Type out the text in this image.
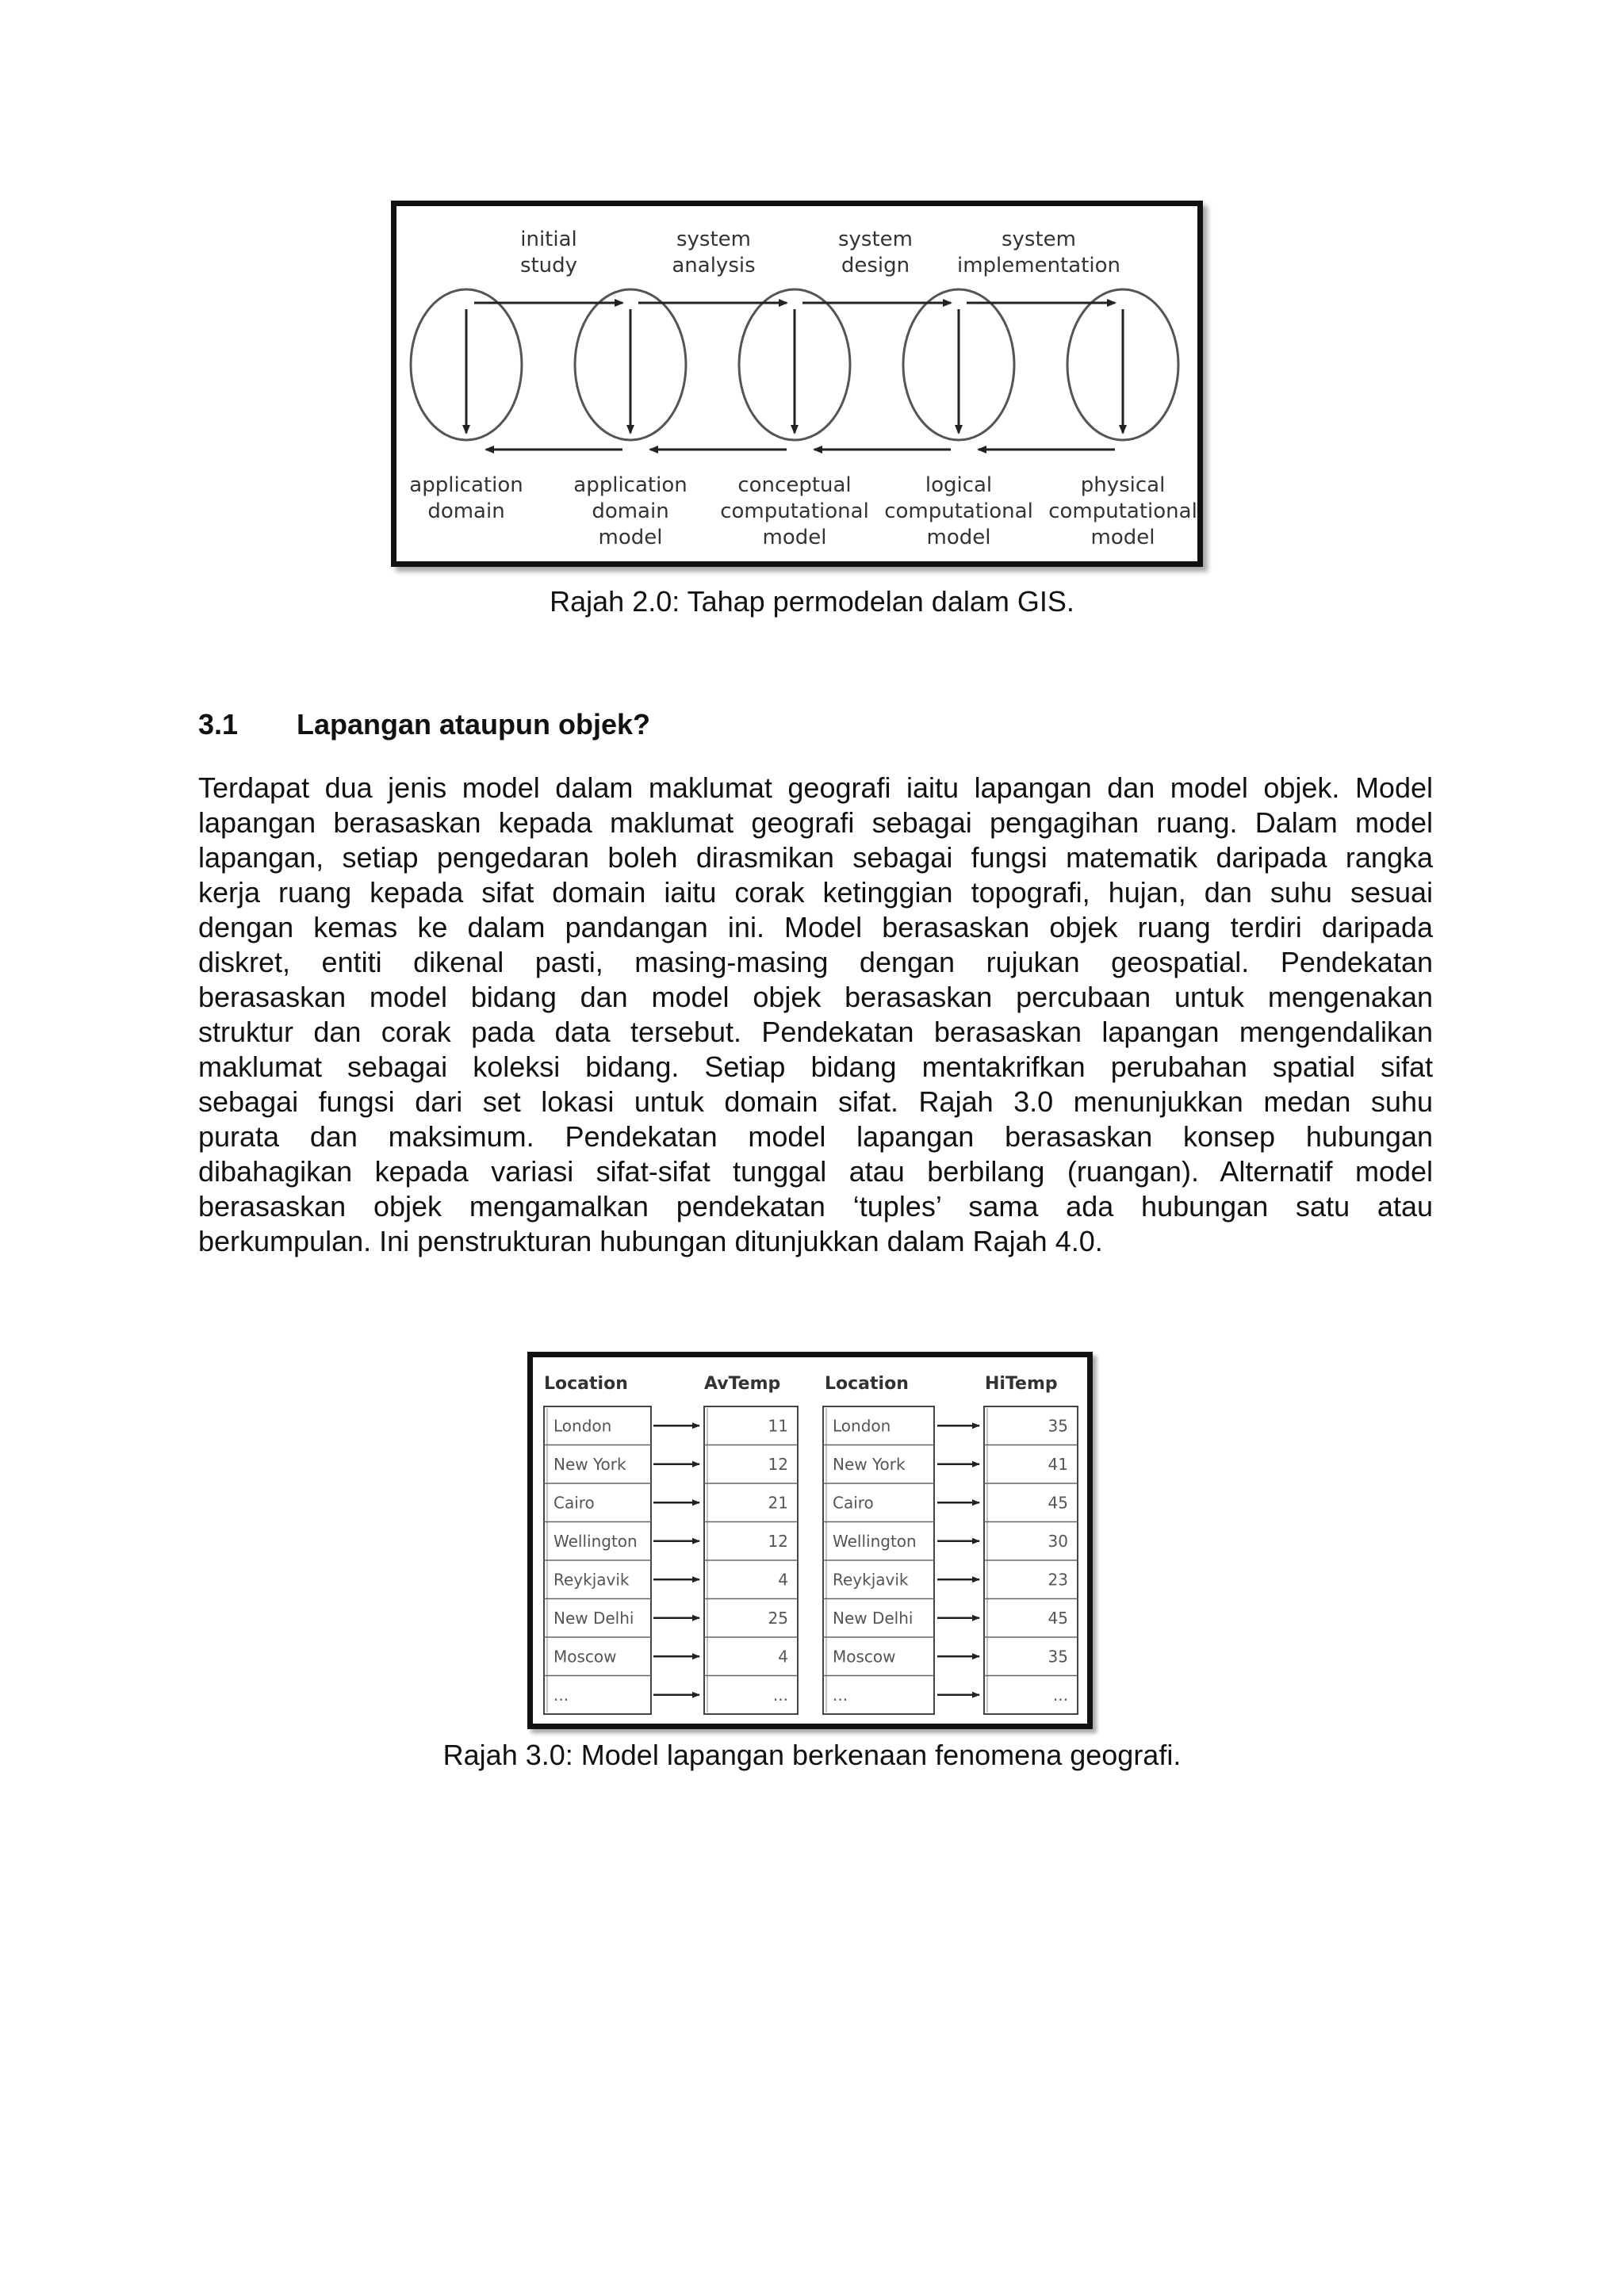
initial
study
system
analysis
system
design
system
implementation
application
domain
application
domain
model
conceptual
computational
model
logical
computational
model
physical
computational
model
Rajah 2.0: Tahap permodelan dalam GIS.
3.1 Lapangan ataupun objek?
Terdapat dua jenis model dalam maklumat geografi iaitu lapangan dan model objek. Model
lapangan berasaskan kepada maklumat geografi sebagai pengagihan ruang. Dalam model
lapangan, setiap pengedaran boleh dirasmikan sebagai fungsi matematik daripada rangka
kerja ruang kepada sifat domain iaitu corak ketinggian topografi, hujan, dan suhu sesuai
dengan kemas ke dalam pandangan ini. Model berasaskan objek ruang terdiri daripada
diskret, entiti dikenal pasti, masing-masing dengan rujukan geospatial. Pendekatan
berasaskan model bidang dan model objek berasaskan percubaan untuk mengenakan
struktur dan corak pada data tersebut. Pendekatan berasaskan lapangan mengendalikan
maklumat sebagai koleksi bidang. Setiap bidang mentakrifkan perubahan spatial sifat
sebagai fungsi dari set lokasi untuk domain sifat. Rajah 3.0 menunjukkan medan suhu
purata dan maksimum. Pendekatan model lapangan berasaskan konsep hubungan
dibahagikan kepada variasi sifat-sifat tunggal atau berbilang (ruangan). Alternatif model
berasaskan objek mengamalkan pendekatan ‘tuples’ sama ada hubungan satu atau
berkumpulan. Ini penstrukturan hubungan ditunjukkan dalam Rajah 4.0.
Location	AvTemp	Location	HiTemp
London	11	London	35
New York	12	New York	41
Cairo	21	Cairo	45
Wellington	12	Wellington	30
Reykjavik	4	Reykjavik	23
New Delhi	25	New Delhi	45
Moscow	4	Moscow	35
...	...	...	...
Rajah 3.0: Model lapangan berkenaan fenomena geografi.
